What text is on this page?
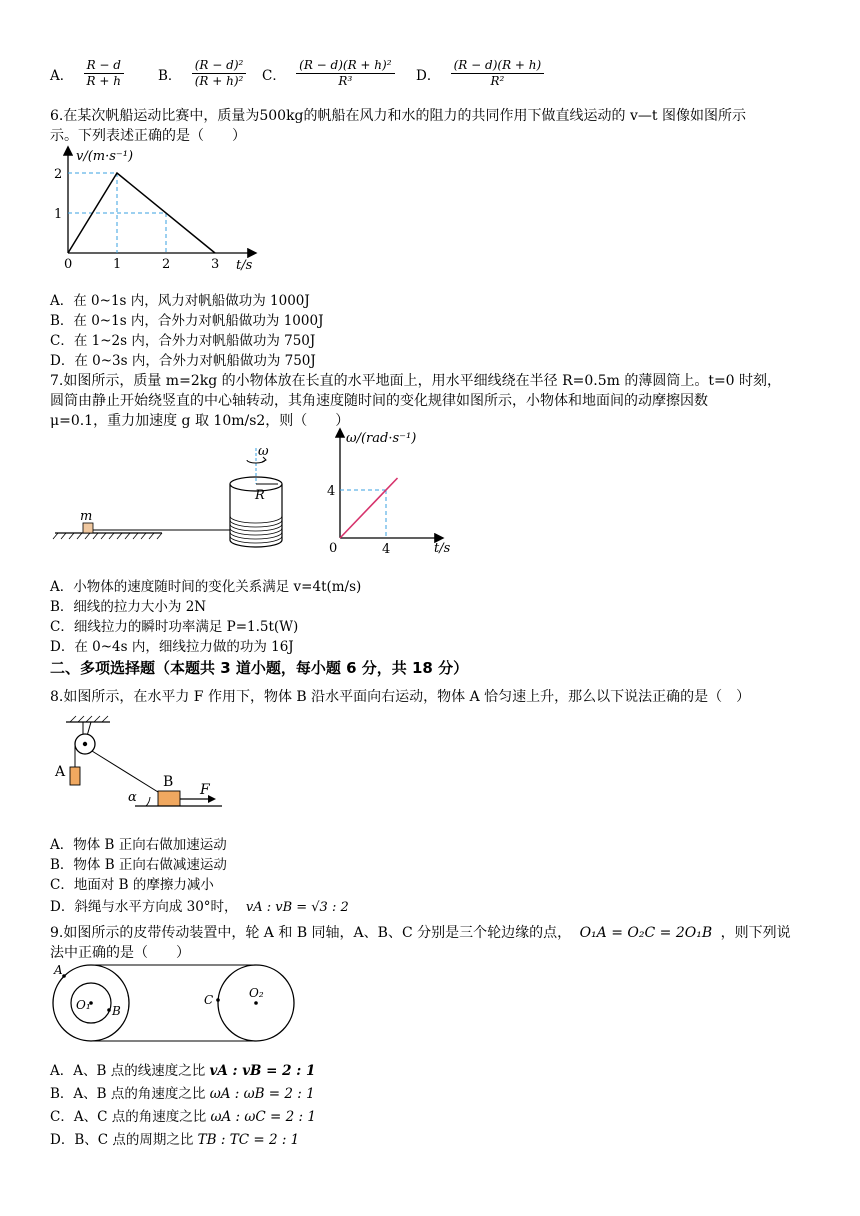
A． $\frac{R - d}{R + h}$	B． $\frac{\text{(R − d)²}}{\text{(R + h)²}}$ C． $\frac{\text{(R − d)(R + h)²}}{\text{R³}}$ D． $\frac{(R - d)(R + h)}{\text{R²}}$
6.在某次帆船运动比赛中，质量为500kg的帆船在风力和水的阻力的共同作用下做直线运动的 v—t 图像如图所示
示。下列表述正确的是（　　）
0	1	2	3
1
2
v/(m·s⁻¹)
t/s
A．在 0~1s 内，风力对帆船做功为 1000J
B．在 0~1s 内，合外力对帆船做功为 1000J
C．在 1~2s 内，合外力对帆船做功为 750J
D．在 0~3s 内，合外力对帆船做功为 750J
7.如图所示，质量 m=2kg 的小物体放在长直的水平地面上，用水平细线绕在半径 R=0.5m 的薄圆筒上。t=0 时刻，
圆筒由静止开始绕竖直的中心轴转动，其角速度随时间的变化规律如图所示，小物体和地面间的动摩擦因数
μ=0.1，重力加速度 g 取 10m/s2，则（　　）
m
ω
R
4
4
0
ω/(rad·s⁻¹)
t/s
A．小物体的速度随时间的变化关系满足 v=4t(m/s)
B．细线的拉力大小为 2N
C．细线拉力的瞬时功率满足 P=1.5t(W)
D．在 0~4s 内，细线拉力做的功为 16J
二、多项选择题（本题共 3 道小题，每小题 6 分，共 18 分）
8.如图所示，在水平力 F 作用下，物体 B 沿水平面向右运动，物体 A 恰匀速上升，那么以下说法正确的是（　）
A
B
α	F
A．物体 B 正向右做加速运动
B．物体 B 正向右做减速运动
C．地面对 B 的摩擦力减小
D．斜绳与水平方向成 30°时， vA : vB = √3 : 2
9.如图所示的皮带传动装置中，轮 A 和 B 同轴，A、B、C 分别是三个轮边缘的点， O₁A = O₂C = 2O₁B ，则下列说
法中正确的是（　　）
A
B
C
O₁
O₂
A．A、B 点的线速度之比 vA : vB = 2 : 1
B．A、B 点的角速度之比 ωA : ωB = 2 : 1
C．A、C 点的角速度之比 ωA : ωC = 2 : 1
D．B、C 点的周期之比 TB : TC = 2 : 1
